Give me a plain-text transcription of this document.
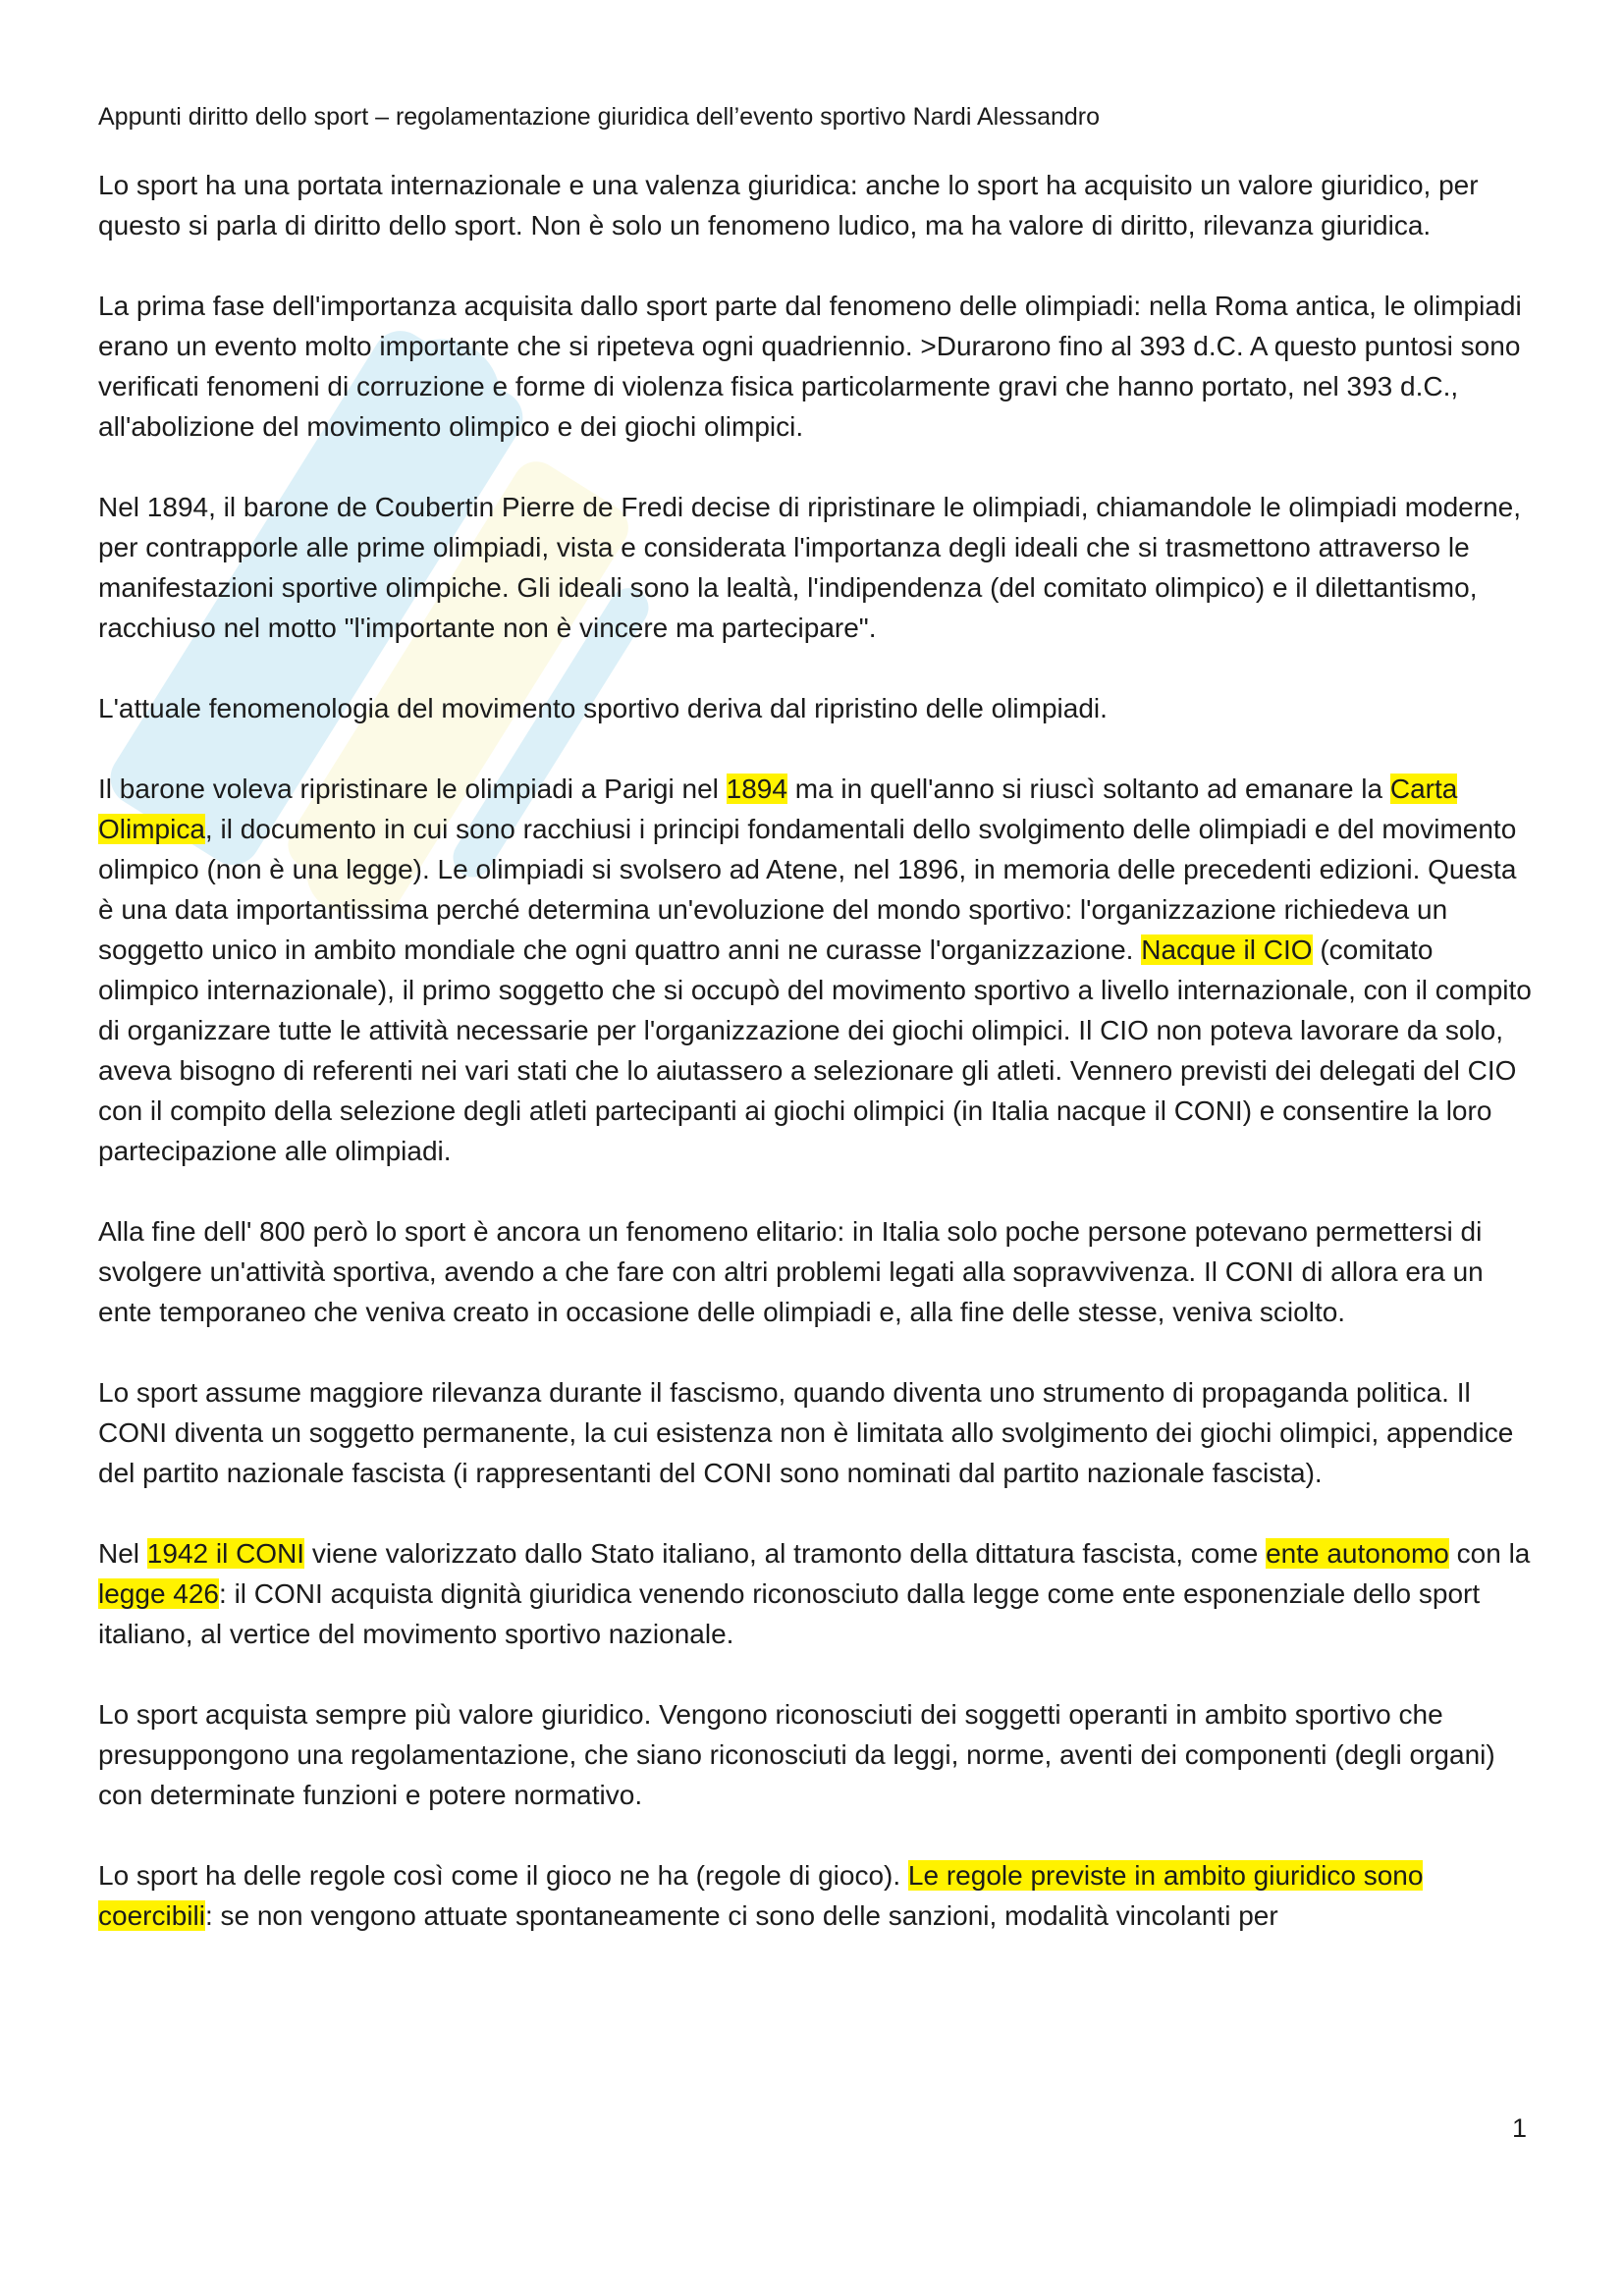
Appunti diritto dello sport – regolamentazione giuridica dell’evento sportivo Nardi Alessandro

Lo sport ha una portata internazionale e una valenza giuridica: anche lo sport ha acquisito un valore giuridico, per questo si parla di diritto dello sport. Non è solo un fenomeno ludico, ma ha valore di diritto, rilevanza giuridica.

La prima fase dell'importanza acquisita dallo sport parte dal fenomeno delle olimpiadi: nella Roma antica, le olimpiadi erano un evento molto importante che si ripeteva ogni quadriennio. >Durarono fino al 393 d.C. A questo puntosi sono verificati fenomeni di corruzione e forme di violenza fisica particolarmente gravi che hanno portato, nel 393 d.C., all'abolizione del movimento olimpico e dei giochi olimpici.

Nel 1894, il barone de Coubertin Pierre de Fredi decise di ripristinare le olimpiadi, chiamandole le olimpiadi moderne, per contrapporle alle prime olimpiadi, vista e considerata l'importanza degli ideali che si trasmettono attraverso le manifestazioni sportive olimpiche. Gli ideali sono la lealtà, l'indipendenza (del comitato olimpico) e il dilettantismo, racchiuso nel motto "l'importante non è vincere ma partecipare".

L'attuale fenomenologia del movimento sportivo deriva dal ripristino delle olimpiadi.

Il barone voleva ripristinare le olimpiadi a Parigi nel 1894 ma in quell'anno si riuscì soltanto ad emanare la Carta Olimpica, il documento in cui sono racchiusi i principi fondamentali dello svolgimento delle olimpiadi e del movimento olimpico (non è una legge). Le olimpiadi si svolsero ad Atene, nel 1896, in memoria delle precedenti edizioni. Questa è una data importantissima perché determina un'evoluzione del mondo sportivo: l'organizzazione richiedeva un soggetto unico in ambito mondiale che ogni quattro anni ne curasse l'organizzazione. Nacque il CIO (comitato olimpico internazionale), il primo soggetto che si occupò del movimento sportivo a livello internazionale, con il compito di organizzare tutte le attività necessarie per l'organizzazione dei giochi olimpici. Il CIO non poteva lavorare da solo, aveva bisogno di referenti nei vari stati che lo aiutassero a selezionare gli atleti. Vennero previsti dei delegati del CIO con il compito della selezione degli atleti partecipanti ai giochi olimpici (in Italia nacque il CONI) e consentire la loro partecipazione alle olimpiadi.

Alla fine dell' 800 però lo sport è ancora un fenomeno elitario: in Italia solo poche persone potevano permettersi di svolgere un'attività sportiva, avendo a che fare con altri problemi legati alla sopravvivenza. Il CONI di allora era un ente temporaneo che veniva creato in occasione delle olimpiadi e, alla fine delle stesse, veniva sciolto.

Lo sport assume maggiore rilevanza durante il fascismo, quando diventa uno strumento di propaganda politica. Il CONI diventa un soggetto permanente, la cui esistenza non è limitata allo svolgimento dei giochi olimpici, appendice del partito nazionale fascista (i rappresentanti del CONI sono nominati dal partito nazionale fascista).

Nel 1942 il CONI viene valorizzato dallo Stato italiano, al tramonto della dittatura fascista, come ente autonomo con la legge 426: il CONI acquista dignità giuridica venendo riconosciuto dalla legge come ente esponenziale dello sport italiano, al vertice del movimento sportivo nazionale.

Lo sport acquista sempre più valore giuridico. Vengono riconosciuti dei soggetti operanti in ambito sportivo che presuppongono una regolamentazione, che siano riconosciuti da leggi, norme, aventi dei componenti (degli organi) con determinate funzioni e potere normativo.

Lo sport ha delle regole così come il gioco ne ha (regole di gioco). Le regole previste in ambito giuridico sono coercibili: se non vengono attuate spontaneamente ci sono delle sanzioni, modalità vincolanti per

1
